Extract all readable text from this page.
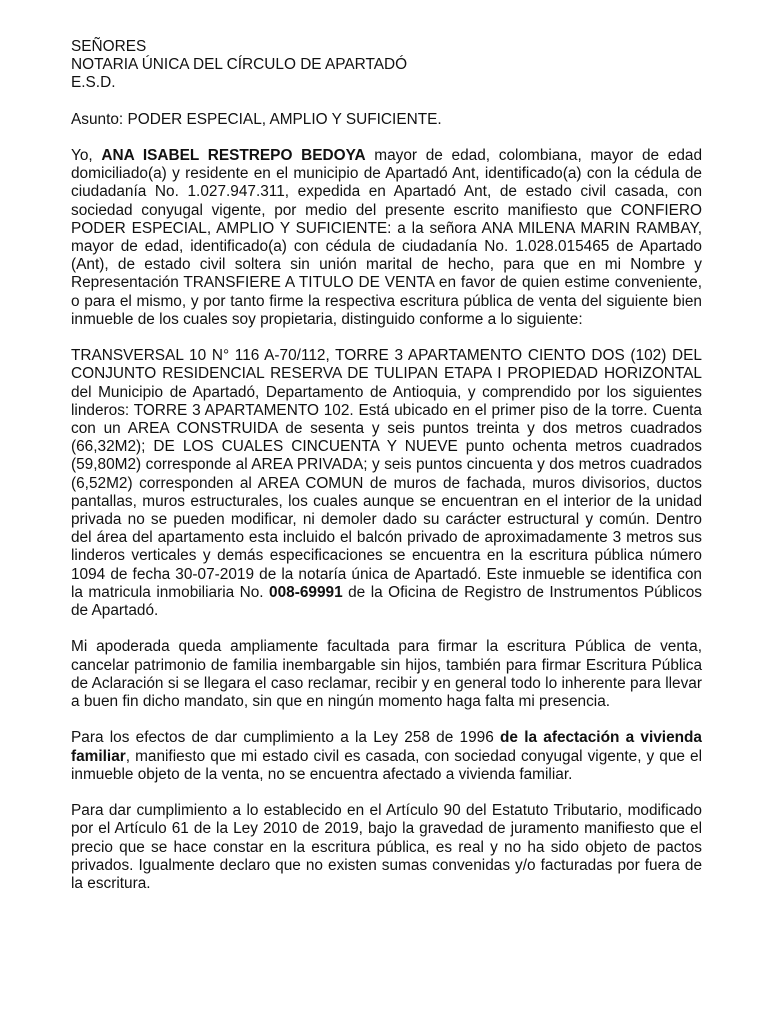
SEÑORES
NOTARIA ÚNICA DEL CÍRCULO DE APARTADÓ
E.S.D.
Asunto: PODER ESPECIAL, AMPLIO Y SUFICIENTE.

Yo, ANA ISABEL RESTREPO BEDOYA mayor de edad, colombiana, mayor de edad domiciliado(a) y residente en el municipio de Apartadó Ant, identificado(a) con la cédula de ciudadanía No. 1.027.947.311, expedida en Apartadó Ant, de estado civil casada, con sociedad conyugal vigente, por medio del presente escrito manifiesto que CONFIERO PODER ESPECIAL, AMPLIO Y SUFICIENTE: a la señora ANA MILENA MARIN RAMBAY, mayor de edad, identificado(a) con cédula de ciudadanía No. 1.028.015465 de Apartado (Ant), de estado civil soltera sin unión marital de hecho, para que en mi Nombre y Representación TRANSFIERE A TITULO DE VENTA en favor de quien estime conveniente, o para el mismo, y por tanto firme la respectiva escritura pública de venta del siguiente bien inmueble de los cuales soy propietaria, distinguido conforme a lo siguiente:

TRANSVERSAL 10 N° 116 A-70/112, TORRE 3 APARTAMENTO CIENTO DOS (102) DEL CONJUNTO RESIDENCIAL RESERVA DE TULIPAN ETAPA I PROPIEDAD HORIZONTAL del Municipio de Apartadó, Departamento de Antioquia, y comprendido por los siguientes linderos: TORRE 3 APARTAMENTO 102. Está ubicado en el primer piso de la torre. Cuenta con un AREA CONSTRUIDA de sesenta y seis puntos treinta y dos metros cuadrados (66,32M2); DE LOS CUALES CINCUENTA Y NUEVE punto ochenta metros cuadrados (59,80M2) corresponde al AREA PRIVADA; y seis puntos cincuenta y dos metros cuadrados (6,52M2) corresponden al AREA COMUN de muros de fachada, muros divisorios, ductos pantallas, muros estructurales, los cuales aunque se encuentran en el interior de la unidad privada no se pueden modificar, ni demoler dado su carácter estructural y común. Dentro del área del apartamento esta incluido el balcón privado de aproximadamente 3 metros sus linderos verticales y demás especificaciones se encuentra en la escritura pública número 1094 de fecha 30-07-2019 de la notaría única de Apartadó. Este inmueble se identifica con la matricula inmobiliaria No. 008-69991 de la Oficina de Registro de Instrumentos Públicos de Apartadó.

Mi apoderada queda ampliamente facultada para firmar la escritura Pública de venta, cancelar patrimonio de familia inembargable sin hijos, también para firmar Escritura Pública de Aclaración si se llegara el caso reclamar, recibir y en general todo lo inherente para llevar a buen fin dicho mandato, sin que en ningún momento haga falta mi presencia.

Para los efectos de dar cumplimiento a la Ley 258 de 1996 de la afectación a vivienda familiar, manifiesto que mi estado civil es casada, con sociedad conyugal vigente, y que el inmueble objeto de la venta, no se encuentra afectado a vivienda familiar.

Para dar cumplimiento a lo establecido en el Artículo 90 del Estatuto Tributario, modificado por el Artículo 61 de la Ley 2010 de 2019, bajo la gravedad de juramento manifiesto que el precio que se hace constar en la escritura pública, es real y no ha sido objeto de pactos privados. Igualmente declaro que no existen sumas convenidas y/o facturadas por fuera de la escritura.
